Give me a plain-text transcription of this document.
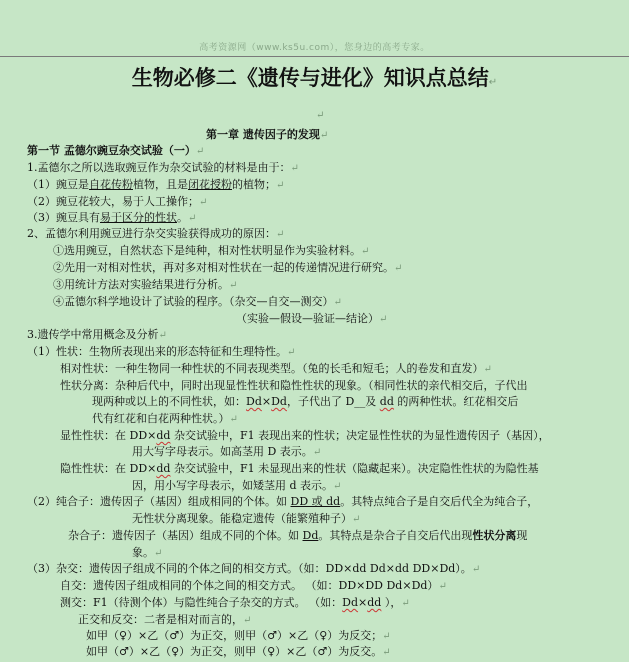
高考资源网（www.ks5u.com），您身边的高考专家。
生物必修二《遗传与进化》知识点总结↵
↵
第一章 遗传因子的发现↵
第一节 孟德尔豌豆杂交试验（一）↵
1.孟德尔之所以选取豌豆作为杂交试验的材料是由于：↵
（1）豌豆是自花传粉植物，且是闭花授粉的植物；↵
（2）豌豆花较大，易于人工操作；↵
（3）豌豆具有易于区分的性状。↵
2、孟德尔利用豌豆进行杂交实验获得成功的原因：↵
①选用豌豆，自然状态下是纯种，相对性状明显作为实验材料。↵
②先用一对相对性状，再对多对相对性状在一起的传递情况进行研究。↵
③用统计方法对实验结果进行分析。↵
④孟德尔科学地设计了试验的程序。（杂交—自交—测交）↵
（实验—假设—验证—结论）↵
3.遗传学中常用概念及分析↵
（1）性状：生物所表现出来的形态特征和生理特性。↵
相对性状：一种生物同一种性状的不同表现类型。（兔的长毛和短毛；人的卷发和直发）↵
性状分离：杂种后代中，同时出现显性性状和隐性性状的现象。（相同性状的亲代相交后，子代出
现两种或以上的不同性状，如：Dd×Dd，子代出了 D__及 dd 的两种性状。红花相交后
代有红花和白花两种性状。）↵
显性性状：在 DD×dd 杂交试验中，F1 表现出来的性状；决定显性性状的为显性遗传因子（基因），
用大写字母表示。如高茎用 D 表示。↵
隐性性状：在 DD×dd 杂交试验中，F1 未显现出来的性状（隐藏起来）。决定隐性性状的为隐性基
因，用小写字母表示，如矮茎用 d 表示。↵
（2）纯合子：遗传因子（基因）组成相同的个体。如 DD 或 dd。其特点纯合子是自交后代全为纯合子，
无性状分离现象。能稳定遗传（能繁殖种子）↵
杂合子：遗传因子（基因）组成不同的个体。如 Dd。其特点是杂合子自交后代出现性状分离现
象。↵
（3）杂交：遗传因子组成不同的个体之间的相交方式。（如：DD×dd Dd×dd DD×Dd）。↵
自交：遗传因子组成相同的个体之间的相交方式。 （如：DD×DD Dd×Dd）↵
测交：F1（待测个体）与隐性纯合子杂交的方式。 （如：Dd×dd ），↵
正交和反交：二者是相对而言的，↵
如甲（♀）×乙（♂）为正交，则甲（♂）×乙（♀）为反交；↵
如甲（♂）×乙（♀）为正交，则甲（♀）×乙（♂）为反交。↵
